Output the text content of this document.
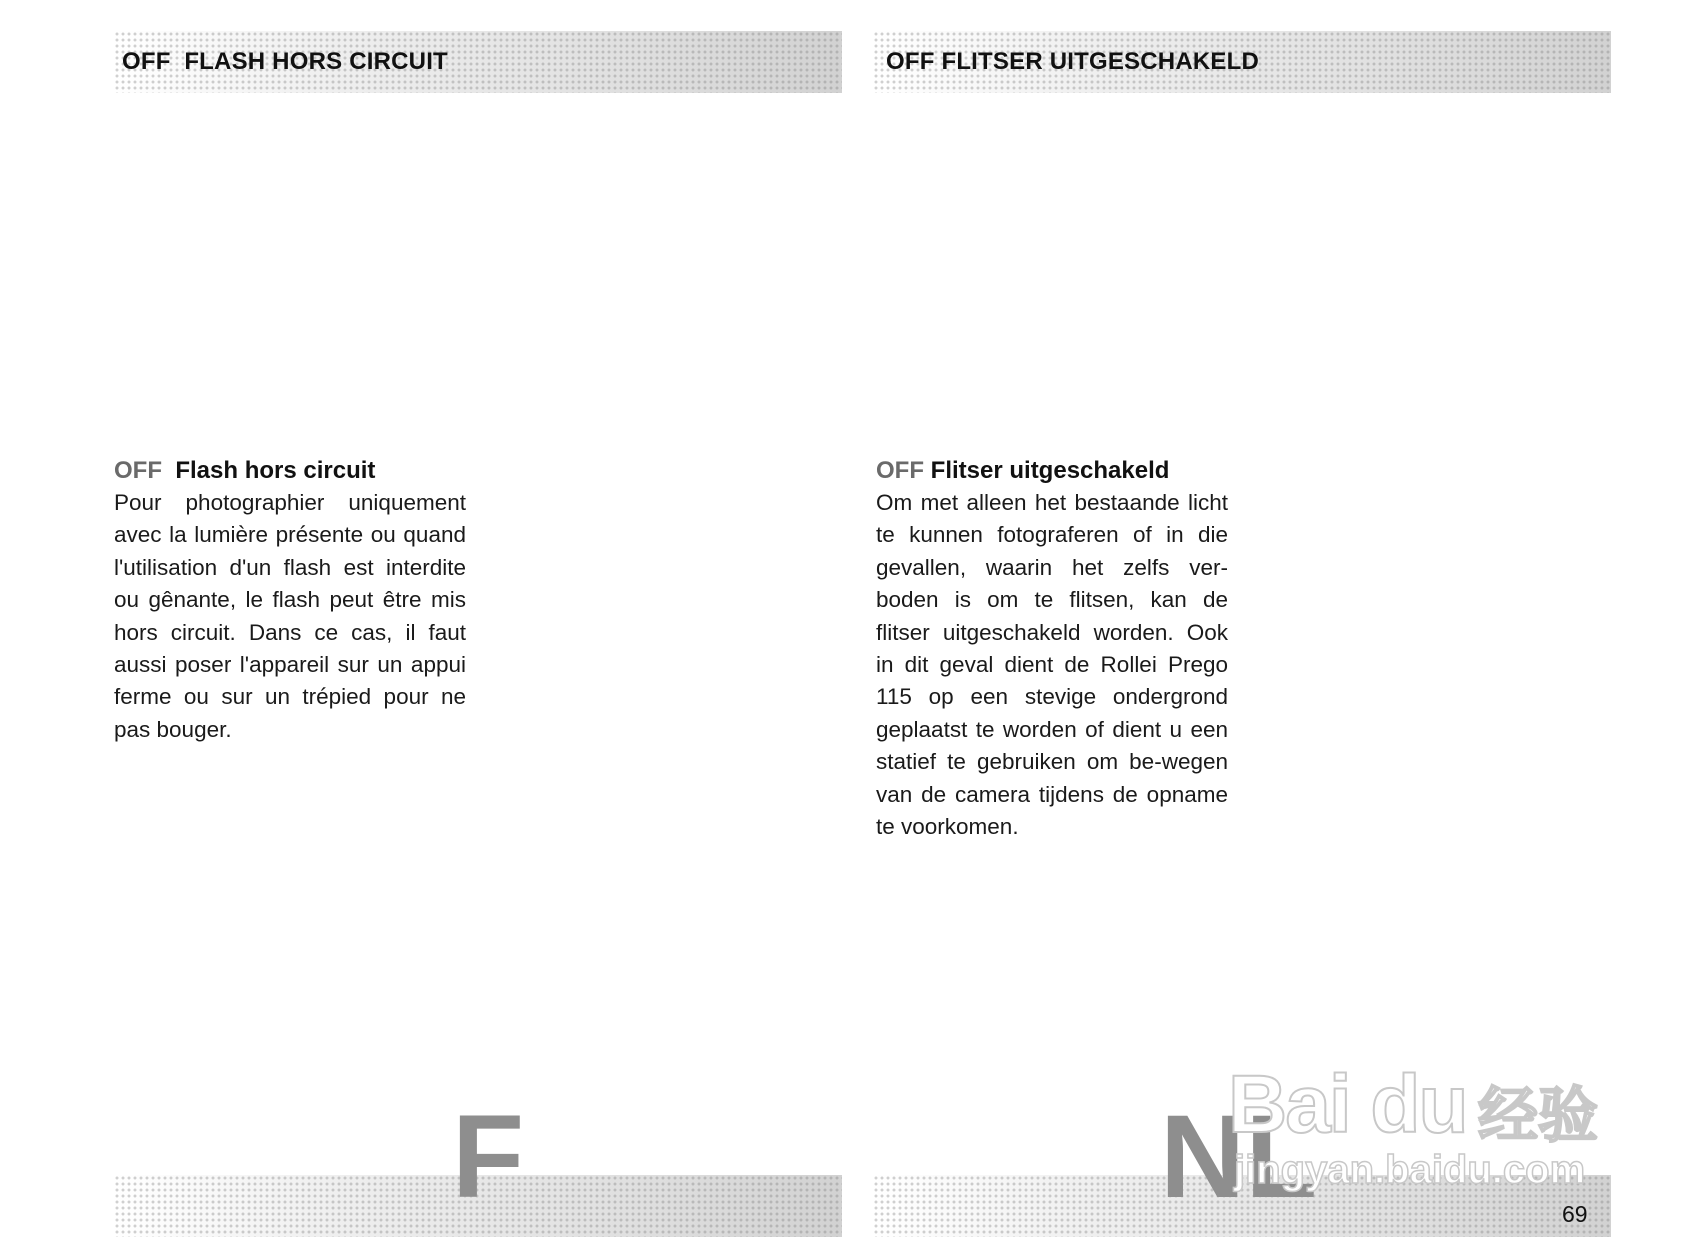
OFF  FLASH HORS CIRCUIT	OFF FLITSER UITGESCHAKELD
OFF Flash hors circuit

Pour photographier uniquement avec la lumière présente ou quand l'utilisation d'un flash est interdite ou gênante, le flash peut être mis hors circuit. Dans ce cas, il faut aussi poser l'appareil sur un appui ferme ou sur un trépied pour ne pas bouger.

OFF Flitser uitgeschakeld

Om met alleen het bestaande licht te kunnen fotograferen of in die gevallen, waarin het zelfs ver-boden is om te flitsen, kan de flitser uitgeschakeld worden. Ook in dit geval dient de Rollei Prego 115 op een stevige ondergrond geplaatst te worden of dient u een statief te gebruiken om be-wegen van de camera tijdens de opname te voorkomen.

F	NL
Bai du 经验
jingyan.baidu.com
69
